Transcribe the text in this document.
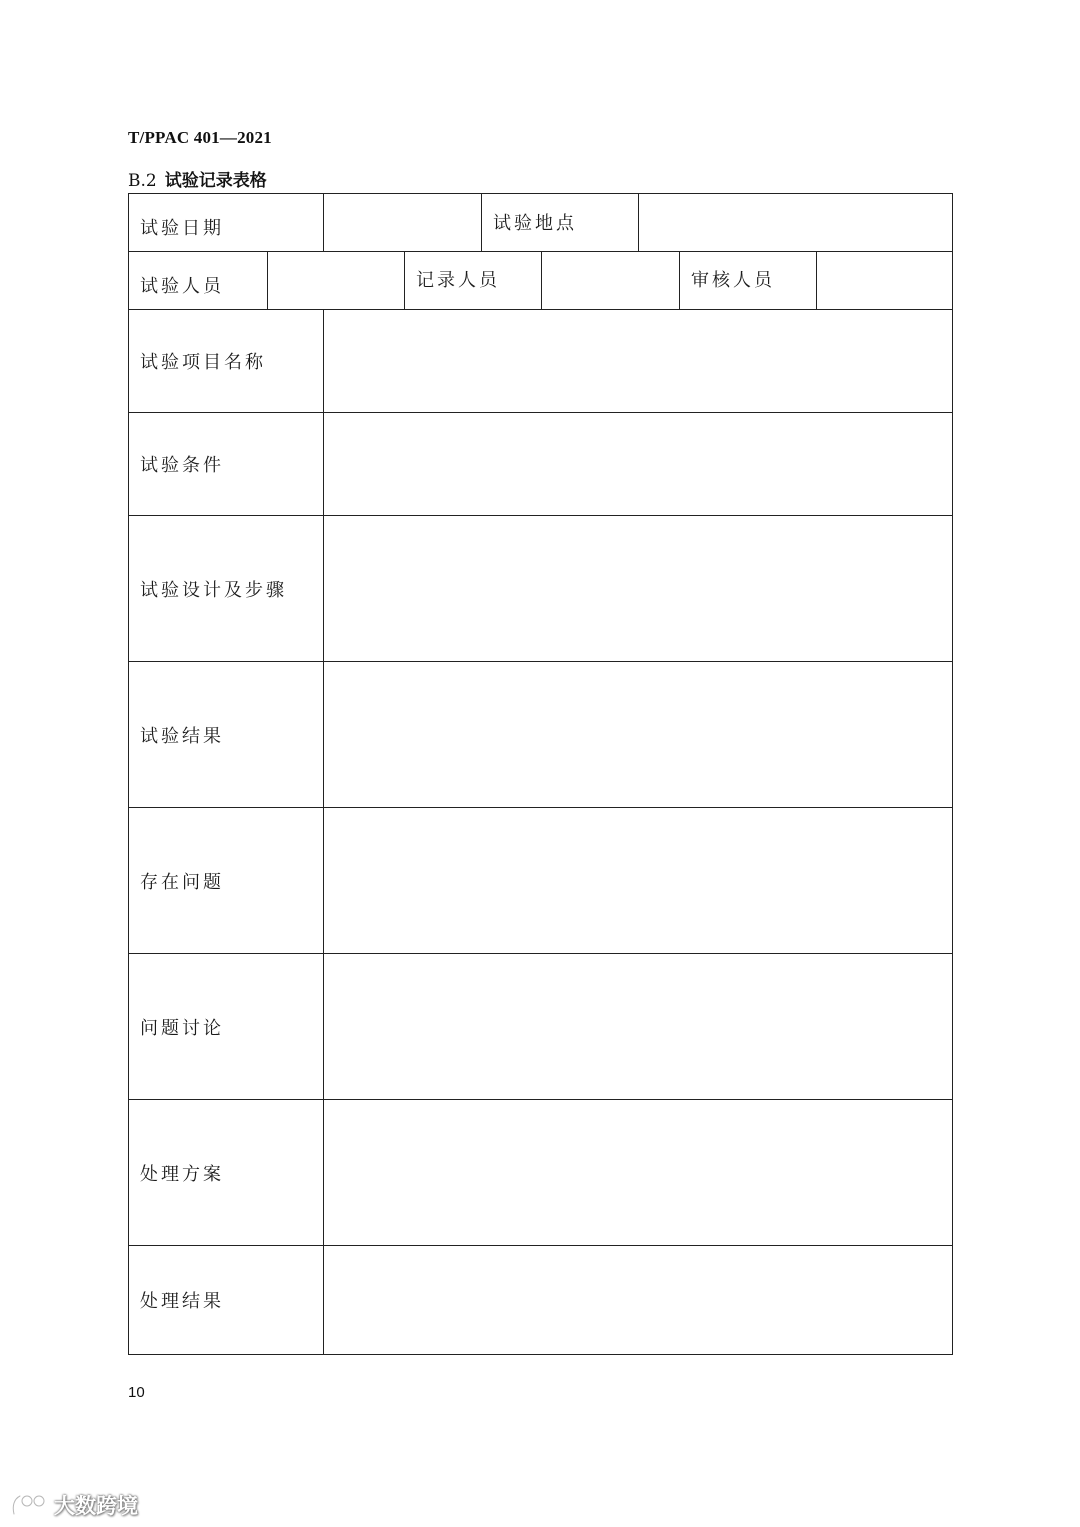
T/PPAC 401—2021
B.2 试验记录表格
试验日期	试验地点
试验人员	记录人员	审核人员
试验项目名称
试验条件
试验设计及步骤
试验结果
存在问题
问题讨论
处理方案
处理结果
10
大数跨境
